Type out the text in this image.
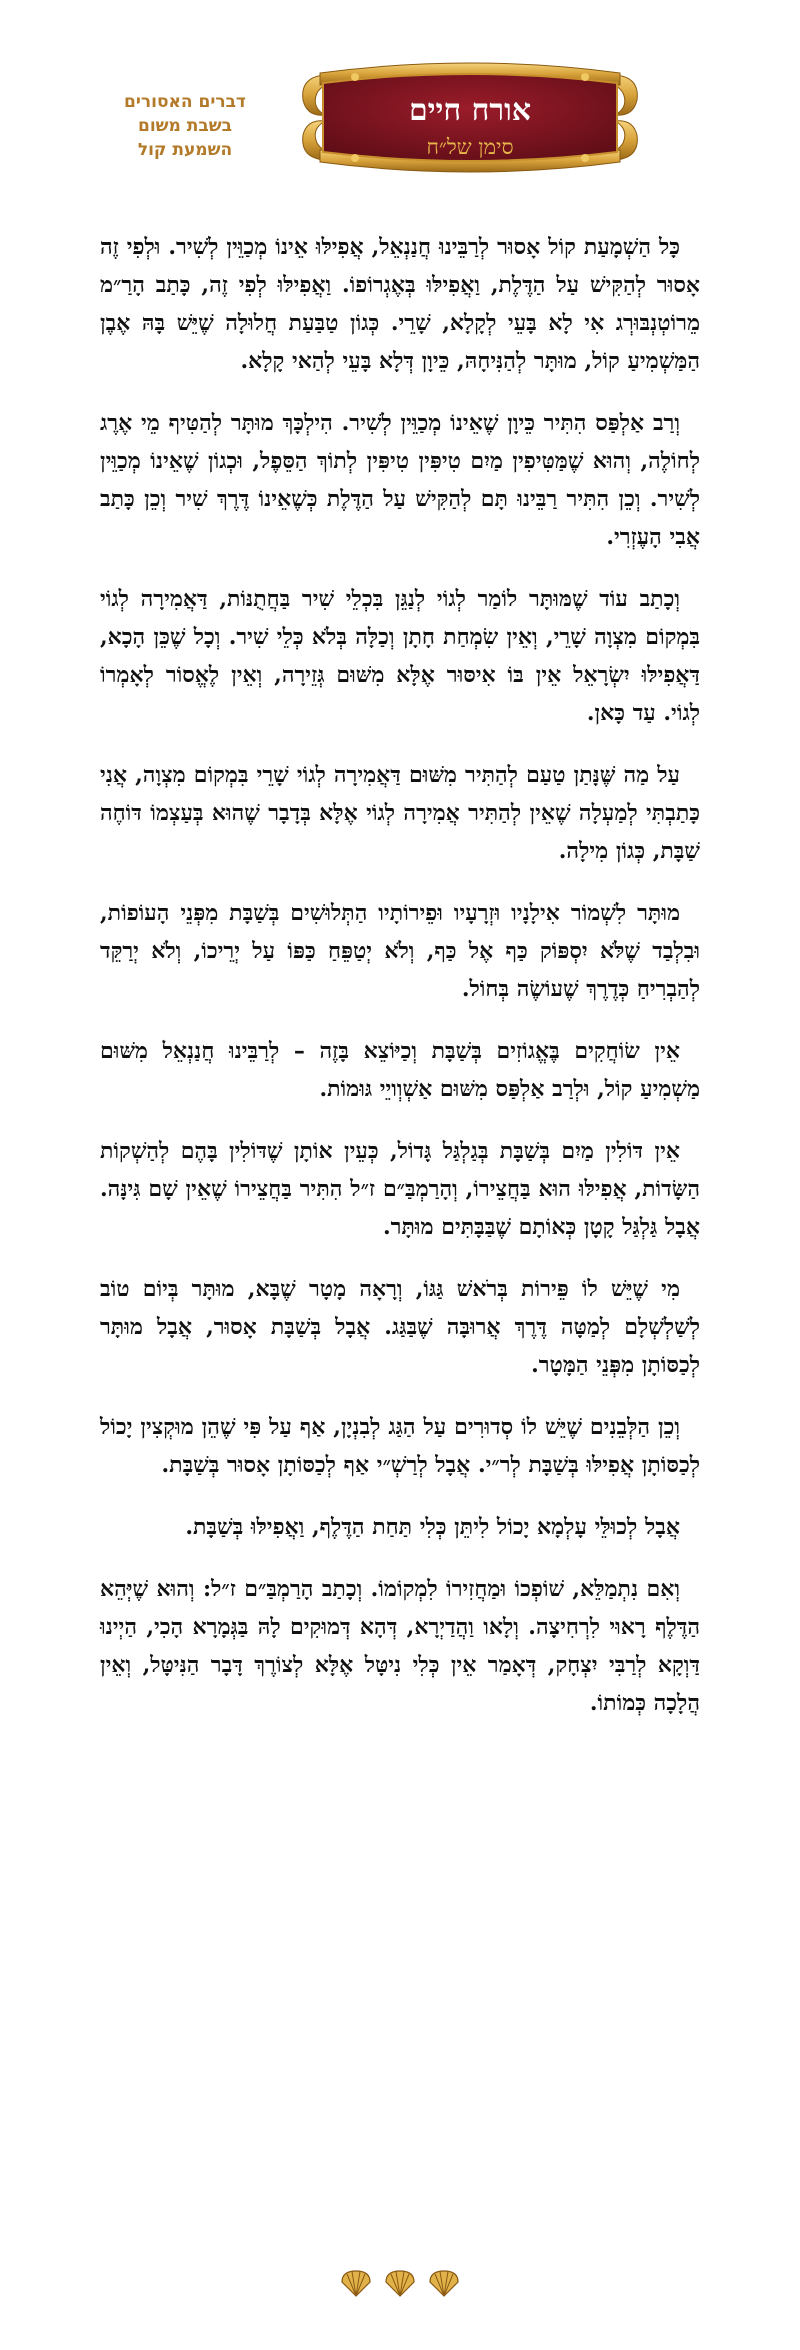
דברים האסורים
בשבת משום
השמעת קול
אורח חיים
סימן של״ח

כָּל הַשְׁמָעַת קוֹל אָסוּר לְרַבֵּינוּ חֲנַנְאֵל, אֲפִילּוּ אֵינוֹ מְכַוֵּין לְשִׁיר. וּלְפִי זֶה אָסוּר לְהַקִּישׁ עַל הַדֶּלֶת, וַאֲפִילּוּ בְּאֶגְרוֹפוֹ. וַאֲפִילּוּ לְפִי זֶה, כָּתַב הָרַ״מ מֵרוֹטְנְבּוּרְג אִי לָא בָּעֵי לְקָלָא, שָׁרֵי. כְּגוֹן טַבַּעַת חֲלוּלָה שֶׁיֵּשׁ בָּהּ אֶבֶן הַמַּשְׁמִיעַ קוֹל, מוּתָּר לְהַנִּיחָהּ, כֵּיוָן דְּלָא בָּעֵי לְהַאי קָלָא.

וְרַב אַלְפַּס הִתִּיר כֵּיוָן שֶׁאֵינוֹ מְכַוֵּין לְשִׁיר. הִילְכָּךְ מוּתָּר לְהַטִּיף מֵי אֶרֶג לְחוֹלֶה, וְהוּא שֶׁמַּטִּיפִין מַיִם טִיפִּין טִיפִּין לְתוֹךְ הַסֵּפֶל, וּכְגוֹן שֶׁאֵינוֹ מְכַוֵּין לְשִׁיר. וְכֵן הִתִּיר רַבֵּינוּ תָּם לְהַקִּישׁ עַל הַדֶּלֶת כְּשֶׁאֵינוֹ דֶּרֶךְ שִׁיר וְכֵן כָּתַב אֲבִי הָעֶזְרִי.

וְכָתַב עוֹד שֶׁמּוּתָּר לוֹמַר לְגוֹי לְנַגֵּן בִּכְלֵי שִׁיר בַּחֲתֻנּוֹת, דַּאֲמִירָה לְגוֹי בִּמְקוֹם מִצְוָה שָׁרֵי, וְאֵין שִׂמְחַת חָתָן וְכַלָּה בְּלֹא כְּלֵי שִׁיר. וְכָל שֶׁכֵּן הָכָא, דַּאֲפִילּוּ יִשְׂרָאֵל אֵין בּוֹ אִיסּוּר אֶלָּא מִשּׁוּם גְּזֵירָה, וְאֵין לֶאֱסוֹר לְאָמְרוֹ לְגוֹי. עַד כָּאן.

עַל מַה שֶּׁנָּתַן טַעַם לְהַתִּיר מִשּׁוּם דַּאֲמִירָה לְגוֹי שָׁרֵי בִּמְקוֹם מִצְוָה, אֲנִי כָּתַבְתִּי לְמַעְלָה שֶׁאֵין לְהַתִּיר אֲמִירָה לְגוֹי אֶלָּא בְּדָבָר שֶׁהוּא בְּעַצְמוֹ דּוֹחֶה שַׁבָּת, כְּגוֹן מִילָה.

מוּתָּר לִשְׁמוֹר אִילָנָיו וּזְרָעָיו וּפֵירוֹתָיו הַתְּלוּשִׁים בְּשַׁבָּת מִפְּנֵי הָעוֹפוֹת, וּבִלְבַד שֶׁלֹּא יִסְפּוֹק כַּף אֶל כַּף, וְלֹא יְטַפֵּחַ כַּפּוֹ עַל יְרֵיכוֹ, וְלֹא יְרַקֵּד לְהַבְרִיחַ כְּדֶרֶךְ שֶׁעוֹשֶׂה בְּחוֹל.

אֵין שׂוֹחֲקִים בֶּאֱגוֹזִים בְּשַׁבָּת וְכַיּוֹצֵא בָּזֶה – לְרַבֵּינוּ חֲנַנְאֵל מִשּׁוּם מַשְׁמִיעַ קוֹל, וּלְרַב אַלְפַּס מִשּׁוּם אַשְׁוְויֵי גּוּמוֹת.

אֵין דּוֹלִין מַיִם בְּשַׁבָּת בְּגַלְגַּל גָּדוֹל, כְּעֵין אוֹתָן שֶׁדּוֹלִין בָּהֶם לְהַשְׁקוֹת הַשָּׂדוֹת, אֲפִילּוּ הוּא בַּחֲצֵירוֹ, וְהָרַמְבַּ״ם ז״ל הִתִּיר בַּחֲצֵירוֹ שֶׁאֵין שָׁם גִּינָּה. אֲבָל גַּלְגַּל קָטָן כְּאוֹתָם שֶׁבַּבָּתִּים מוּתָּר.

מִי שֶׁיֵּשׁ לוֹ פֵּירוֹת בְּרֹאשׁ גַּגּוֹ, וְרָאָה מָטָר שֶׁבָּא, מוּתָּר בְּיוֹם טוֹב לְשַׁלְשְׁלָם לְמַטָּה דֶּרֶךְ אֲרוּבָּה שֶׁבַּגַּג. אֲבָל בְּשַׁבָּת אָסוּר, אֲבָל מוּתָּר לְכַסּוֹתָן מִפְּנֵי הַמָּטָר.

וְכֵן הַלְּבֵנִים שֶׁיֵּשׁ לוֹ סְדוּרִים עַל הַגַּג לְבִנְיָן, אַף עַל פִּי שֶׁהֵן מוּקְצִין יָכוֹל לְכַסּוֹתָן אֲפִילּוּ בְּשַׁבָּת לְר״י. אֲבָל לְרַשְׁ״י אַף לְכַסּוֹתָן אָסוּר בְּשַׁבָּת.

אֲבָל לְכוּלֵּי עָלְמָא יָכוֹל לִיתֵּן כְּלִי תַּחַת הַדֶּלֶף, וַאֲפִילּוּ בְּשַׁבָּת.

וְאִם נִתְמַלֵּא, שׁוֹפְכוֹ וּמַחֲזִירוֹ לִמְקוֹמוֹ. וְכָתַב הָרַמְבַּ״ם ז״ל: וְהוּא שֶׁיְּהֵא הַדֶּלֶף רָאוּי לִרְחִיצָה. וְלָאו וַהֲדַיְרָא, דְּהָא דְּמוּקִים לָהּ בַּגְּמָרָא הָכִי, הַיְינוּ דַּוְקָא לְרַבִּי יִצְחָק, דְּאָמַר אֵין כְּלִי נִיטָּל אֶלָּא לְצוֹרֶךְ דָּבָר הַנִּיטָּל, וְאֵין הֲלָכָה כְּמוֹתוֹ.
